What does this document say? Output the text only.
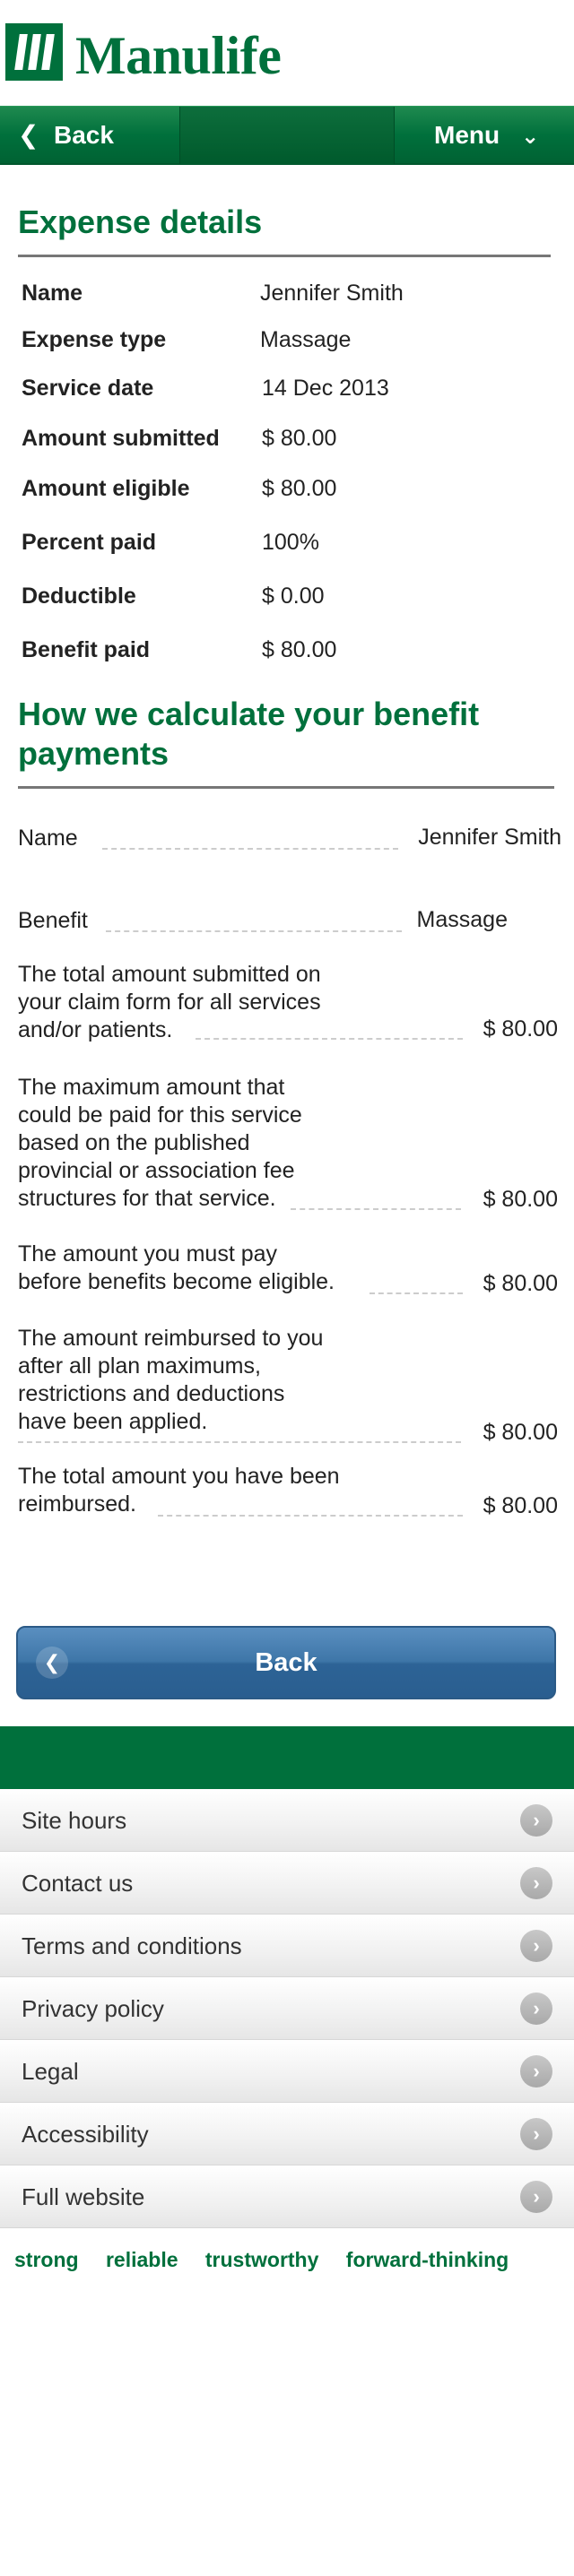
Manulife
❮ Back	Menu ⌄
Expense details
Name	Jennifer Smith
Expense type	Massage
Service date	14 Dec 2013
Amount submitted $ 80.00
Amount eligible	$ 80.00
Percent paid	100%
Deductible	$ 0.00
Benefit paid	$ 80.00
How we calculate your benefit
payments
Name	Jennifer Smith
Benefit	Massage
The total amount submitted on
your claim form for all services
and/or patients.	$ 80.00
The maximum amount that
could be paid for this service
based on the published
provincial or association fee
structures for that service.	$ 80.00
The amount you must pay
before benefits become eligible.	$ 80.00
The amount reimbursed to you
after all plan maximums,
restrictions and deductions
have been applied.	$ 80.00
The total amount you have been
reimbursed.	$ 80.00
❮	Back
Site hours	›
Contact us	›
Terms and conditions	›
Privacy policy	›
Legal	›
Accessibility	›
Full website	›
strong reliable trustworthy forward-thinking
